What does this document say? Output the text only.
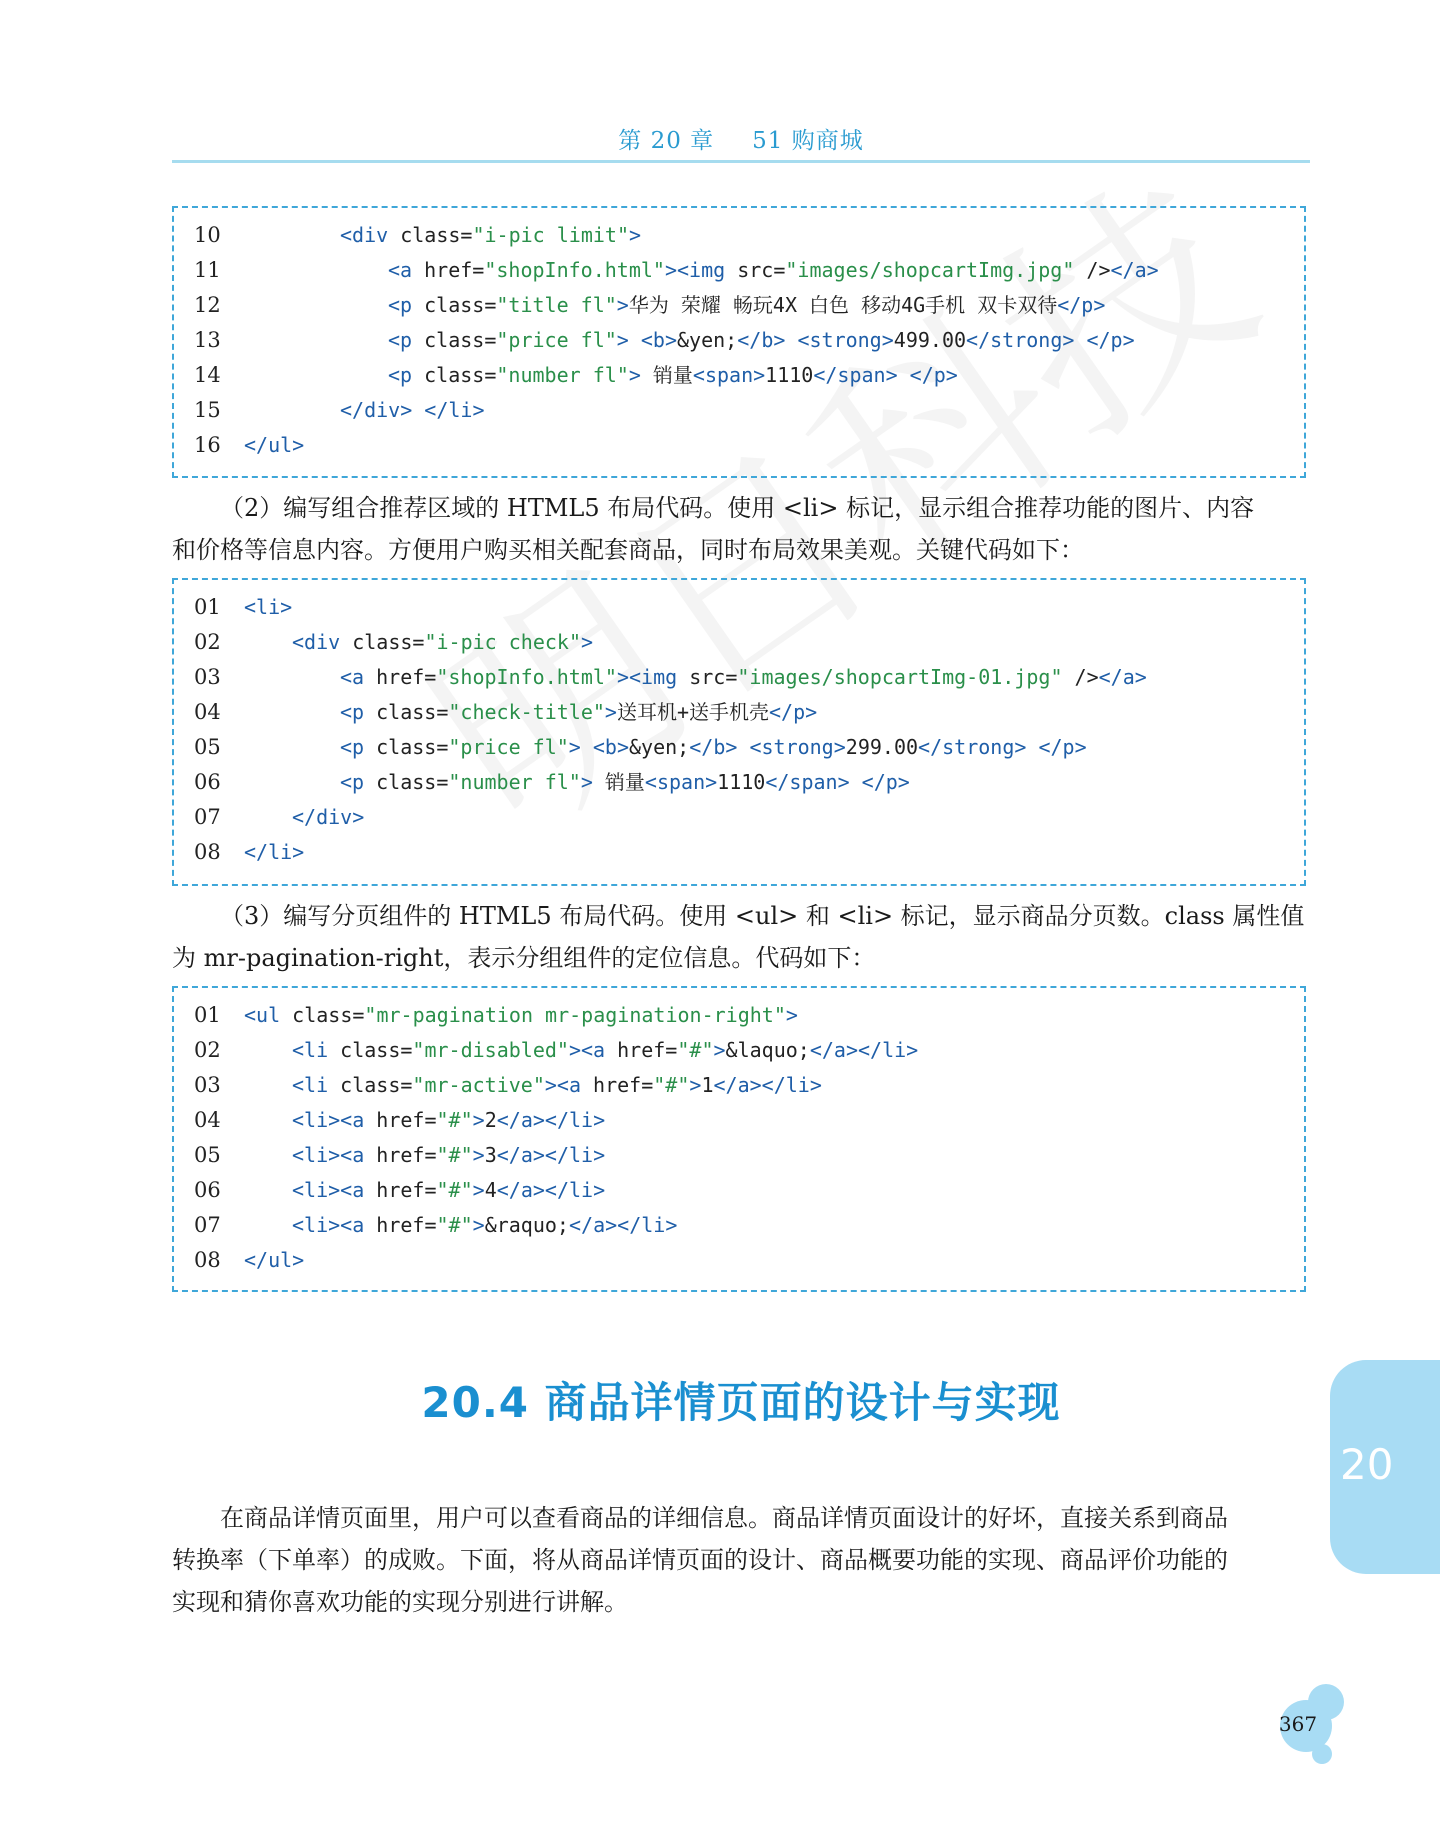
第 20 章 51 购商城
10	<div class="i-pic limit">
11	<a href="shopInfo.html"><img src="images/shopcartImg.jpg" /></a>
12	<p class="title fl">华为 荣耀 畅玩4X 白色 移动4G手机 双卡双待</p>
13	<p class="price fl"> <b>&yen;</b> <strong>499.00</strong> </p>
14	<p class="number fl"> 销量<span>1110</span> </p>
15	</div> </li>
16 </ul>
（2）编写组合推荐区域的 HTML5 布局代码。使用 <li> 标记，显示组合推荐功能的图片、内容
和价格等信息内容。方便用户购买相关配套商品，同时布局效果美观。关键代码如下：
01 <li>
02	<div class="i-pic check">
03	<a href="shopInfo.html"><img src="images/shopcartImg-01.jpg" /></a>
04	<p class="check-title">送耳机+送手机壳</p>
05	<p class="price fl"> <b>&yen;</b> <strong>299.00</strong> </p>
06	<p class="number fl"> 销量<span>1110</span> </p>
07	</div>
08 </li>
（3）编写分页组件的 HTML5 布局代码。使用 <ul> 和 <li> 标记，显示商品分页数。class 属性值
为 mr-pagination-right，表示分组组件的定位信息。代码如下：
01 <ul class="mr-pagination mr-pagination-right">
02	<li class="mr-disabled"><a href="#">&laquo;</a></li>
03	<li class="mr-active"><a href="#">1</a></li>
04	<li><a href="#">2</a></li>
05	<li><a href="#">3</a></li>
06	<li><a href="#">4</a></li>
07	<li><a href="#">&raquo;</a></li>
08 </ul>
20.4 商品详情页面的设计与实现
在商品详情页面里，用户可以查看商品的详细信息。商品详情页面设计的好坏，直接关系到商品
转换率（下单率）的成败。下面，将从商品详情页面的设计、商品概要功能的实现、商品评价功能的
实现和猜你喜欢功能的实现分别进行讲解。
20
367
